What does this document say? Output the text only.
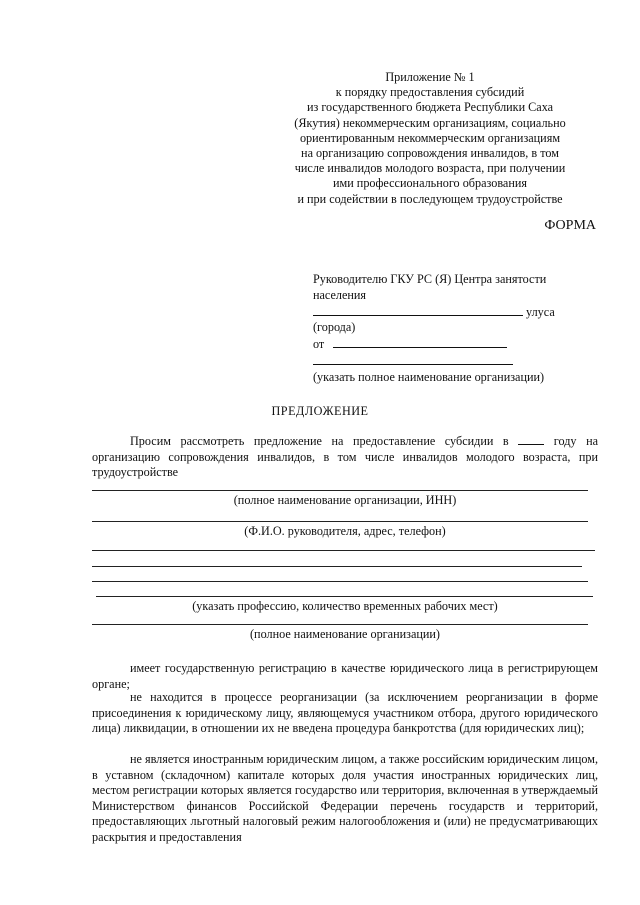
Приложение № 1
к порядку предоставления субсидий
из государственного бюджета Республики Саха
(Якутия) некоммерческим организациям, социально
ориентированным некоммерческим организациям
на организацию сопровождения инвалидов, в том
числе инвалидов молодого возраста, при получении
ими профессионального образования
и при содействии в последующем трудоустройстве
ФОРМА
Руководителю ГКУ РС (Я) Центра занятости
населения
улуса
(города)
от
(указать полное наименование организации)
ПРЕДЛОЖЕНИЕ
Просим рассмотреть предложение на предоставление субсидии в	году на организацию сопровождения инвалидов, в том числе инвалидов молодого возраста, при трудоустройстве
(полное наименование организации, ИНН)
(Ф.И.О. руководителя, адрес, телефон)
(указать профессию, количество временных рабочих мест)
(полное наименование организации)
имеет государственную регистрацию в качестве юридического лица в регистрирующем органе;
не находится в процессе реорганизации (за исключением реорганизации в форме присоединения к юридическому лицу, являющемуся участником отбора, другого юридического лица) ликвидации, в отношении их не введена процедура банкротства (для юридических лиц);
не является иностранным юридическим лицом, а также российским юридическим лицом, в уставном (складочном) капитале которых доля участия иностранных юридических лиц, местом регистрации которых является государство или территория, включенная в утверждаемый Министерством финансов Российской Федерации перечень государств и территорий, предоставляющих льготный налоговый режим налогообложения и (или) не предусматривающих раскрытия и предоставления
